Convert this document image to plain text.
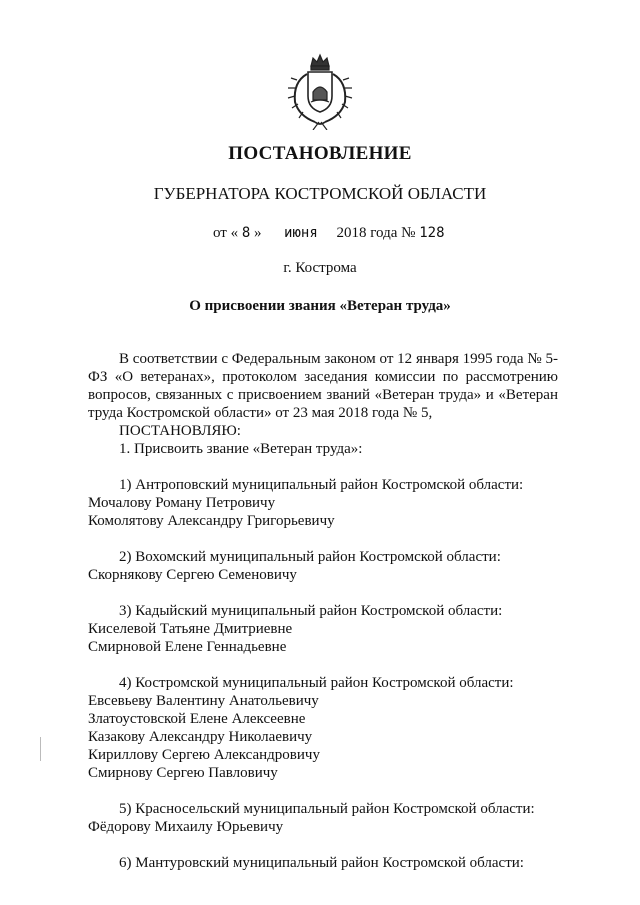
ПОСТАНОВЛЕНИЕ
ГУБЕРНАТОРА КОСТРОМСКОЙ ОБЛАСТИ
от « 8 » июня 2018 года № 128
г. Кострома
О присвоении звания «Ветеран труда»

В соответствии с Федеральным законом от 12 января 1995 года № 5-ФЗ «О ветеранах», протоколом заседания комиссии по рассмотрению вопросов, связанных с присвоением званий «Ветеран труда» и «Ветеран труда Костромской области» от 23 мая 2018 года № 5,

ПОСТАНОВЛЯЮ:

1. Присвоить звание «Ветеран труда»:

1) Антроповский муниципальный район Костромской области:

Мочалову Роману Петровичу

Комолятову Александру Григорьевичу

2) Вохомский муниципальный район Костромской области:

Скорнякову Сергею Семеновичу

3) Кадыйский муниципальный район Костромской области:

Киселевой Татьяне Дмитриевне

Смирновой Елене Геннадьевне

4) Костромской муниципальный район Костромской области:

Евсевьеву Валентину Анатольевичу

Златоустовской Елене Алексеевне

Казакову Александру Николаевичу

Кириллову Сергею Александровичу

Смирнову Сергею Павловичу

5) Красносельский муниципальный район Костромской области:

Фёдорову Михаилу Юрьевичу

6) Мантуровский муниципальный район Костромской области:
